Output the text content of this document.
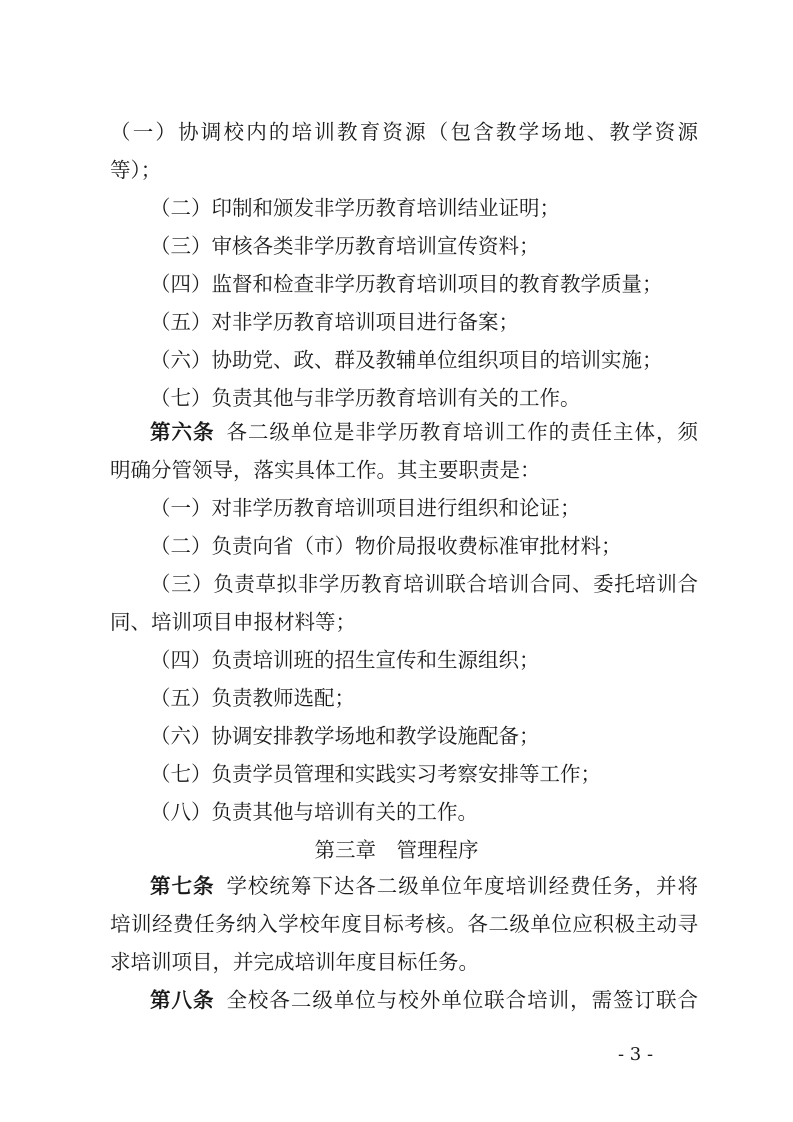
（一）协调校内的培训教育资源（包含教学场地、教学资源
等）；
（二）印制和颁发非学历教育培训结业证明；
（三）审核各类非学历教育培训宣传资料；
（四）监督和检查非学历教育培训项目的教育教学质量；
（五）对非学历教育培训项目进行备案；
（六）协助党、政、群及教辅单位组织项目的培训实施；
（七）负责其他与非学历教育培训有关的工作。
第六条 各二级单位是非学历教育培训工作的责任主体，须
明确分管领导，落实具体工作。其主要职责是：
（一）对非学历教育培训项目进行组织和论证；
（二）负责向省（市）物价局报收费标准审批材料；
（三）负责草拟非学历教育培训联合培训合同、委托培训合
同、培训项目申报材料等；
（四）负责培训班的招生宣传和生源组织；
（五）负责教师选配；
（六）协调安排教学场地和教学设施配备；
（七）负责学员管理和实践实习考察安排等工作；
（八）负责其他与培训有关的工作。
第三章　管理程序
第七条 学校统筹下达各二级单位年度培训经费任务，并将
培训经费任务纳入学校年度目标考核。各二级单位应积极主动寻
求培训项目，并完成培训年度目标任务。
第八条 全校各二级单位与校外单位联合培训，需签订联合
- 3 -
